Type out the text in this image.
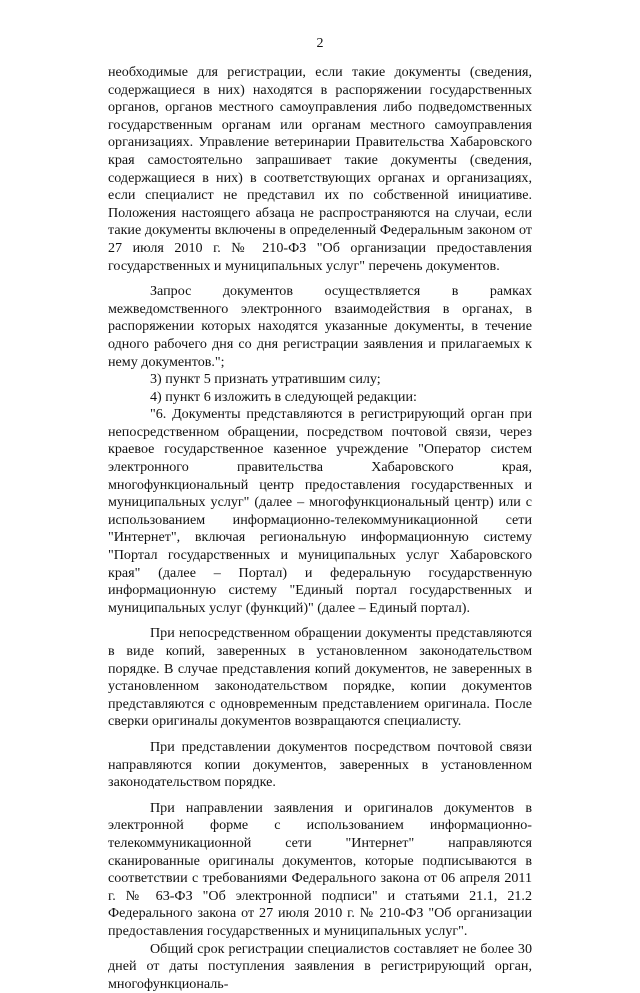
2

необходимые для регистрации, если такие документы (сведения, содержащиеся в них) находятся в распоряжении государственных органов, органов местного самоуправления либо подведомственных государственным органам или органам местного самоуправления организациях. Управление ветеринарии Правительства Хабаровского края самостоятельно запрашивает такие документы (сведения, содержащиеся в них) в соответствующих органах и организациях, если специалист не представил их по собственной инициативе. Положения настоящего абзаца не распространяются на случаи, если такие документы включены в определенный Федеральным законом от 27 июля 2010 г. № 210-ФЗ "Об организации предоставления государственных и муниципальных услуг" перечень документов.

Запрос документов осуществляется в рамках межведомственного электронного взаимодействия в органах, в распоряжении которых находятся указанные документы, в течение одного рабочего дня со дня регистрации заявления и прилагаемых к нему документов.";

3) пункт 5 признать утратившим силу;

4) пункт 6 изложить в следующей редакции:

"6. Документы представляются в регистрирующий орган при непосредственном обращении, посредством почтовой связи, через краевое государственное казенное учреждение "Оператор систем электронного правительства Хабаровского края, многофункциональный центр предоставления государственных и муниципальных услуг" (далее – многофункциональный центр) или с использованием информационно-телекоммуникационной сети "Интернет", включая региональную информационную систему "Портал государственных и муниципальных услуг Хабаровского края" (далее – Портал) и федеральную государственную информационную систему "Единый портал государственных и муниципальных услуг (функций)" (далее – Единый портал).

При непосредственном обращении документы представляются в виде копий, заверенных в установленном законодательством порядке. В случае представления копий документов, не заверенных в установленном законодательством порядке, копии документов представляются с одновременным представлением оригинала. После сверки оригиналы документов возвращаются специалисту.

При представлении документов посредством почтовой связи направляются копии документов, заверенных в установленном законодательством порядке.

При направлении заявления и оригиналов документов в электронной форме с использованием информационно-телекоммуникационной сети "Интернет" направляются сканированные оригиналы документов, которые подписываются в соответствии с требованиями Федерального закона от 06 апреля 2011 г. № 63-ФЗ "Об электронной подписи" и статьями 21.1, 21.2 Федерального закона от 27 июля 2010 г. № 210-ФЗ "Об организации предоставления государственных и муниципальных услуг".

Общий срок регистрации специалистов составляет не более 30 дней от даты поступления заявления в регистрирующий орган, многофункциональ-
